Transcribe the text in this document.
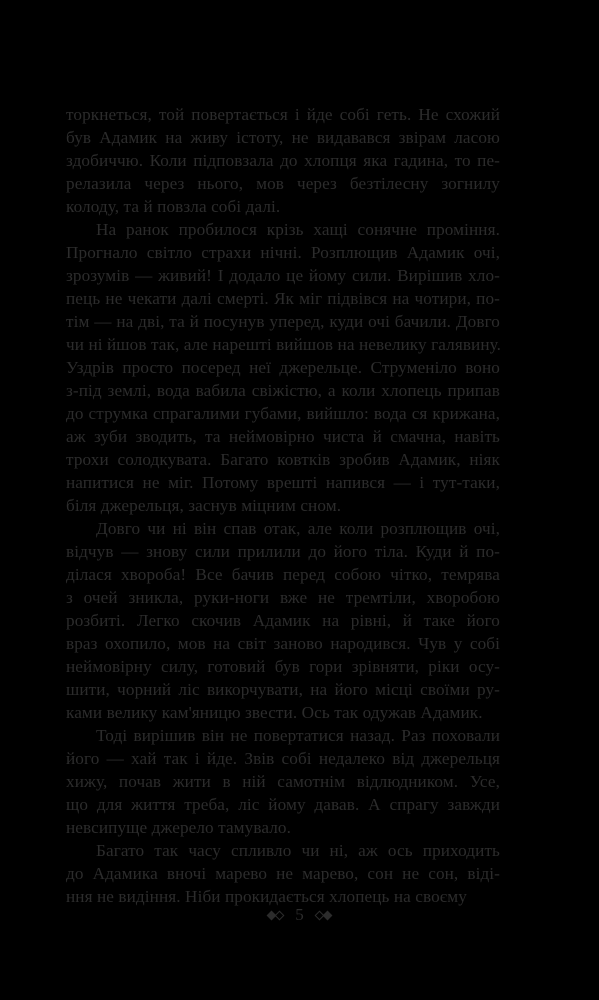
торкнеться, той повертається і йде собі геть. Не схожий
був Адамик на живу істоту, не видавався звірам ласою
здобиччю. Коли підповзала до хлопця яка гадина, то пе-
релазила через нього, мов через безтілесну зогнилу
колоду, та й повзла собі далі.
На ранок пробилося крізь хащі сонячне проміння.
Прогнало світло страхи нічні. Розплющив Адамик очі,
зрозумів — живий! І додало це йому сили. Вирішив хло-
пець не чекати далі смерті. Як міг підвівся на чотири, по-
тім — на дві, та й посунув уперед, куди очі бачили. Довго
чи ні йшов так, але нарешті вийшов на невелику галявину.
Уздрів просто посеред неї джерельце. Струменіло воно
з-під землі, вода вабила свіжістю, а коли хлопець припав
до струмка спрагалими губами, вийшло: вода ся крижана,
аж зуби зводить, та неймовірно чиста й смачна, навіть
трохи солодкувата. Багато ковтків зробив Адамик, ніяк
напитися не міг. Потому врешті напився — і тут-таки,
біля джерельця, заснув міцним сном.
Довго чи ні він спав отак, але коли розплющив очі,
відчув — знову сили прилили до його тіла. Куди й по-
ділася хвороба! Все бачив перед собою чітко, темрява
з очей зникла, руки-ноги вже не тремтіли, хворобою
розбиті. Легко скочив Адамик на рівні, й таке його
враз охопило, мов на світ заново народився. Чув у собі
неймовірну силу, готовий був гори зрівняти, ріки осу-
шити, чорний ліс викорчувати, на його місці своїми ру-
ками велику кам'яницю звести. Ось так одужав Адамик.
Тоді вирішив він не повертатися назад. Раз поховали
його — хай так і йде. Звів собі недалеко від джерельця
хижу, почав жити в ній самотнім відлюдником. Усе,
що для життя треба, ліс йому давав. А спрагу завжди
невсипуще джерело тамувало.
Багато так часу спливло чи ні, аж ось приходить
до Адамика вночі марево не марево, сон не сон, віді-
ння не видіння. Ніби прокидається хлопець на своєму
5
